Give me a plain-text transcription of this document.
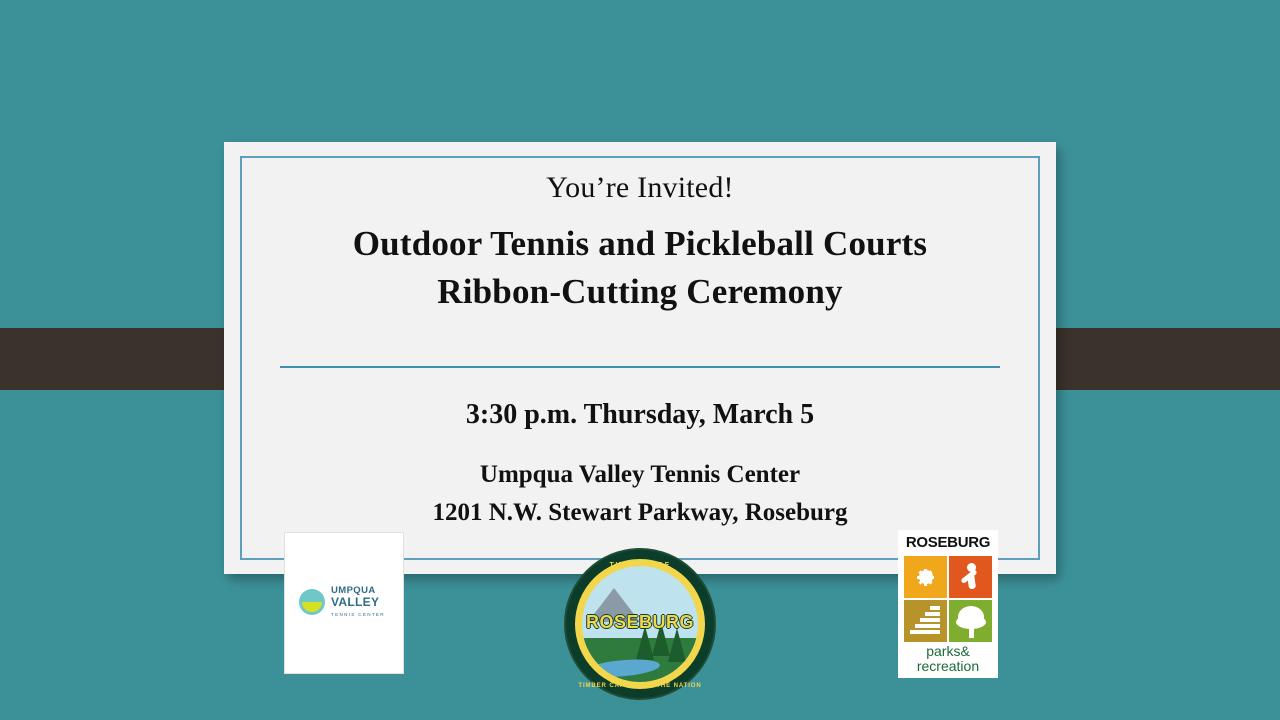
You’re Invited!
Outdoor Tennis and Pickleball Courts
Ribbon-Cutting Ceremony
3:30 p.m. Thursday, March 5
Umpqua Valley Tennis Center
1201 N.W. Stewart Parkway, Roseburg
UMPQUA
VALLEY
TENNIS CENTER
THE CITY OF
ROSEBURG
TIMBER CAPITAL OF THE NATION
ROSEBURG
parks&
recreation
